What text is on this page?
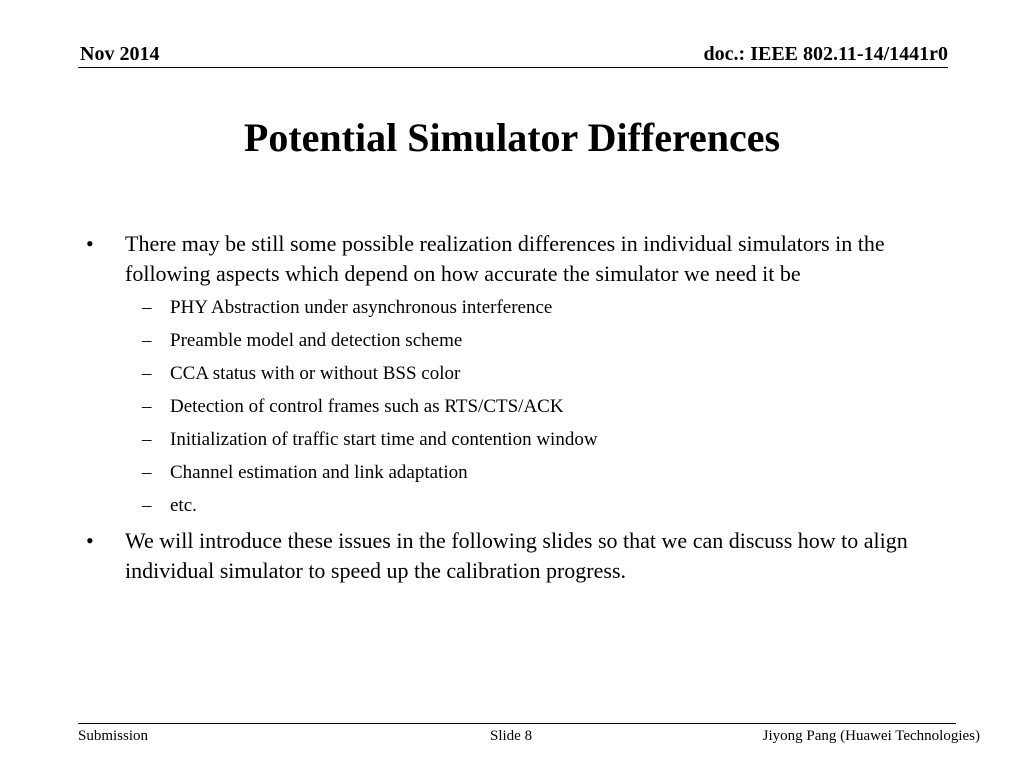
Nov 2014	doc.: IEEE 802.11-14/1441r0
Potential Simulator Differences
•	There may be still some possible realization differences in individual simulators in the following aspects which depend on how accurate the simulator we need it be
– PHY Abstraction under asynchronous interference
– Preamble model and detection scheme
– CCA status with or without BSS color
– Detection of control frames such as RTS/CTS/ACK
– Initialization of traffic start time and contention window
– Channel estimation and link adaptation
– etc.
•	We will introduce these issues in the following slides so that we can discuss how to align individual simulator to speed up the calibration progress.
Submission	Slide 8	Jiyong Pang (Huawei Technologies)
